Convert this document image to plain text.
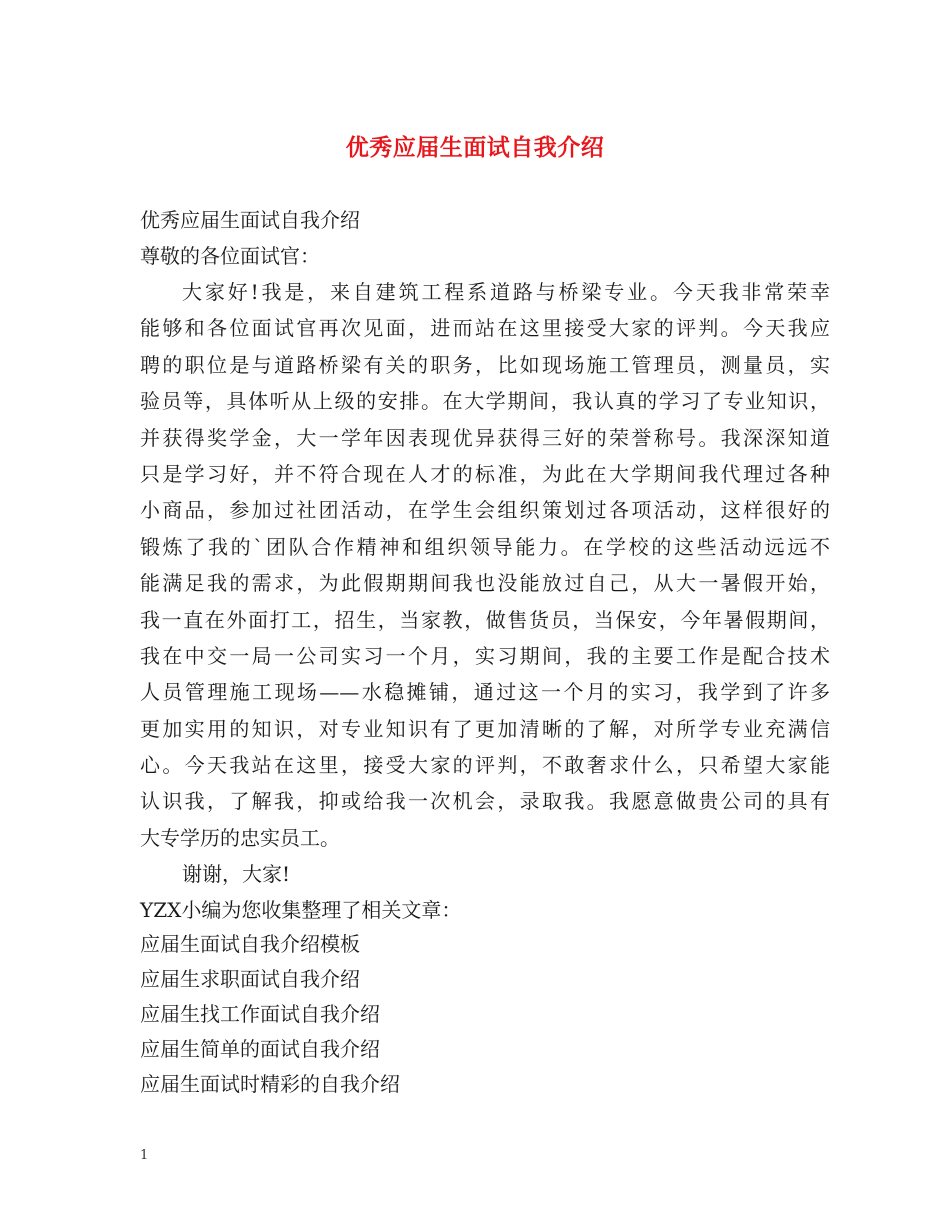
优秀应届生面试自我介绍
优秀应届生面试自我介绍
尊敬的各位面试官：
大家好!我是，来自建筑工程系道路与桥梁专业。今天我非常荣幸
能够和各位面试官再次见面，进而站在这里接受大家的评判。今天我应
聘的职位是与道路桥梁有关的职务，比如现场施工管理员，测量员，实
验员等，具体听从上级的安排。在大学期间，我认真的学习了专业知识，
并获得奖学金，大一学年因表现优异获得三好的荣誉称号。我深深知道
只是学习好，并不符合现在人才的标准，为此在大学期间我代理过各种
小商品，参加过社团活动，在学生会组织策划过各项活动，这样很好的
锻炼了我的`团队合作精神和组织领导能力。在学校的这些活动远远不
能满足我的需求，为此假期期间我也没能放过自己，从大一暑假开始，
我一直在外面打工，招生，当家教，做售货员，当保安，今年暑假期间，
我在中交一局一公司实习一个月，实习期间，我的主要工作是配合技术
人员管理施工现场——水稳摊铺，通过这一个月的实习，我学到了许多
更加实用的知识，对专业知识有了更加清晰的了解，对所学专业充满信
心。今天我站在这里，接受大家的评判，不敢奢求什么，只希望大家能
认识我，了解我，抑或给我一次机会，录取我。我愿意做贵公司的具有
大专学历的忠实员工。
谢谢，大家!
YZX小编为您收集整理了相关文章：
应届生面试自我介绍模板
应届生求职面试自我介绍
应届生找工作面试自我介绍
应届生简单的面试自我介绍
应届生面试时精彩的自我介绍
1
